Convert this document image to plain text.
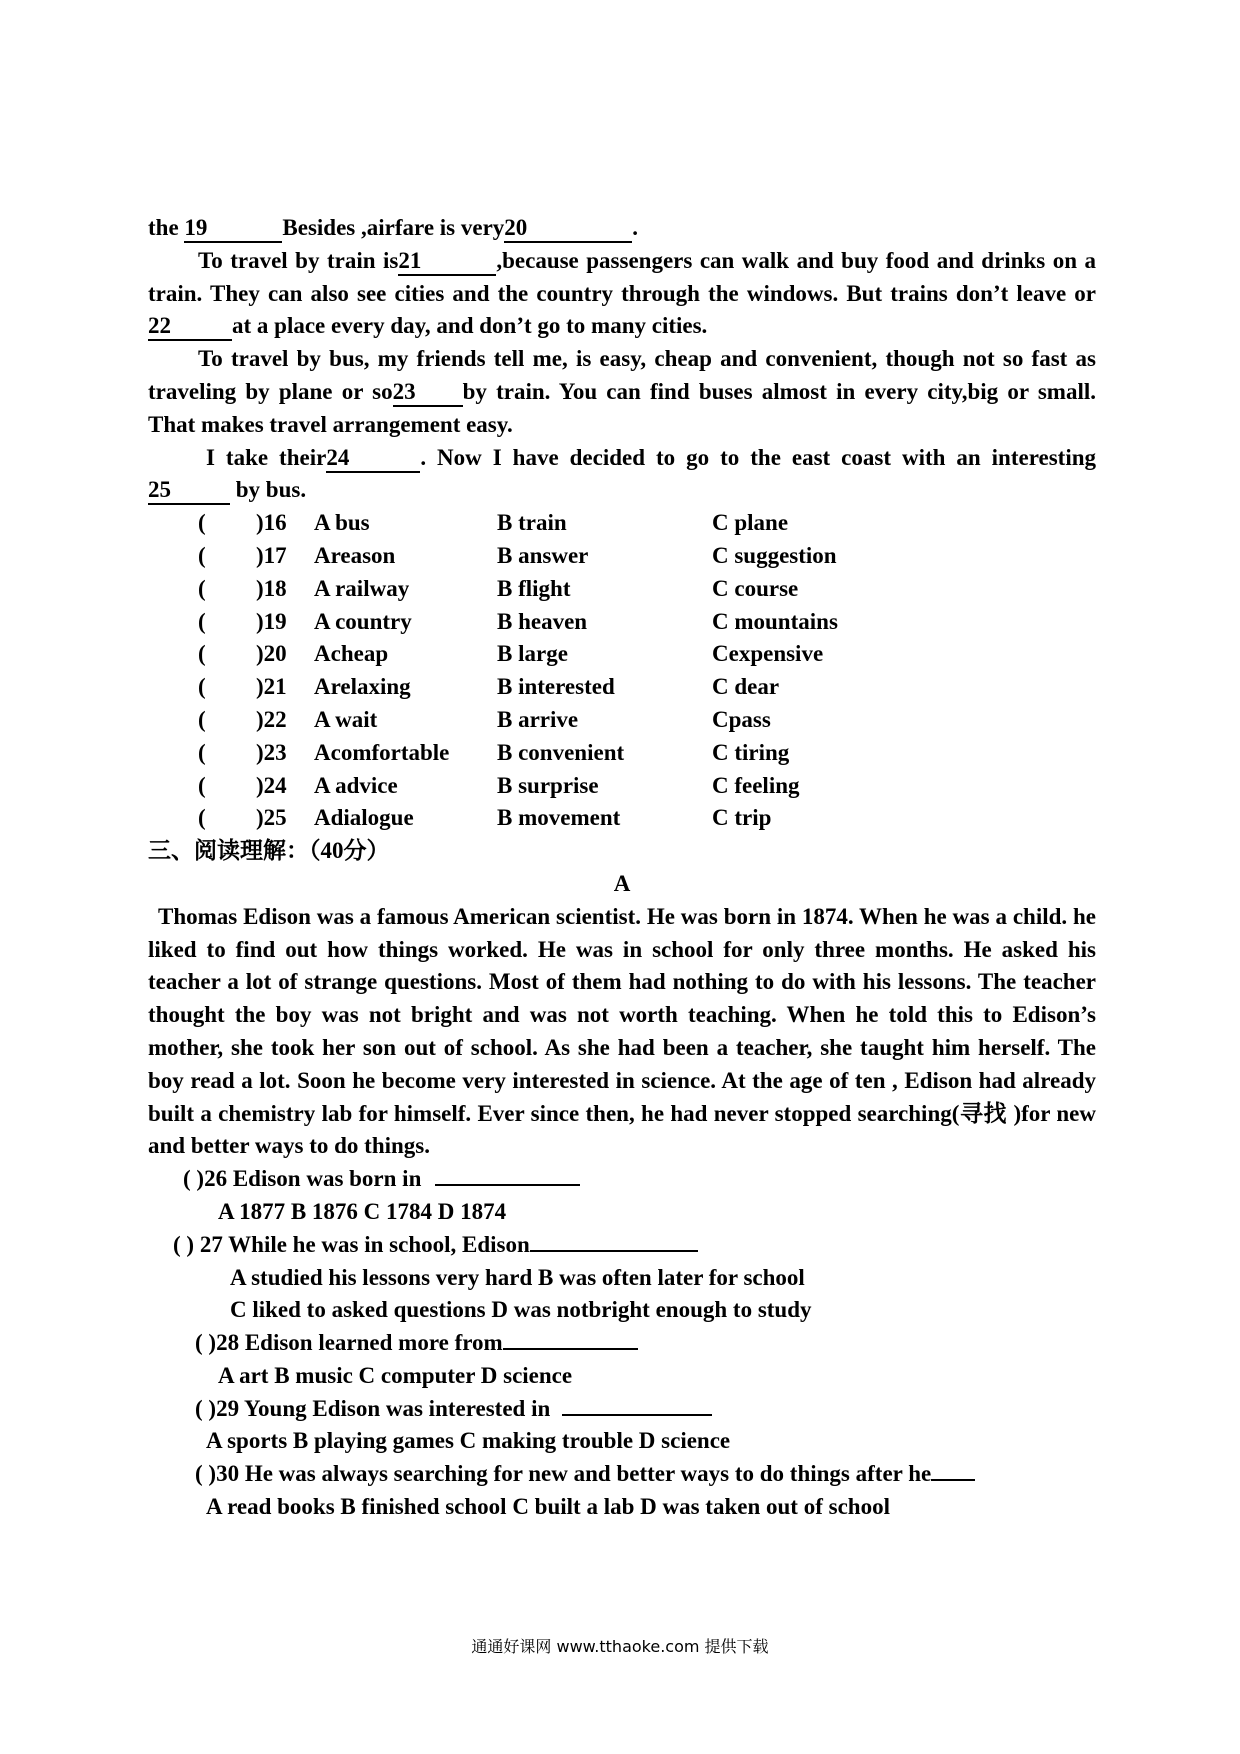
the 19	Besides ,airfare is very20	.

To travel by train is21	,because passengers can walk and buy food and drinks on a train. They can also see cities and the country through the windows. But trains don’t leave or22	at a place every day, and don’t go to many cities.

To travel by bus, my friends tell me, is easy, cheap and convenient, though not so fast as traveling by plane or so23 by train. You can find buses almost in every city,big or small. That makes travel arrangement easy.

I take their24	. Now I have decided to go to the east coast with an interesting25	by bus.

(	)16	A bus	B train	C plane
(	)17	Areason	B answer	C suggestion
(	)18	A railway	B flight	C course
(	)19	A country	B heaven	C mountains
(	)20	Acheap	B large	Cexpensive
(	)21	Arelaxing	B interested	C dear
(	)22	A wait	B arrive	Cpass
(	)23	Acomfortable	B convenient	C tiring
(	)24	A advice	B surprise	C feeling
(	)25	Adialogue	B movement	C trip

三、阅读理解：（40分）

A

Thomas Edison was a famous American scientist. He was born in 1874. When he was a child. he liked to find out how things worked. He was in school for only three months. He asked his teacher a lot of strange questions. Most of them had nothing to do with his lessons. The teacher thought the boy was not bright and was not worth teaching. When he told this to Edison’s mother, she took her son out of school. As she had been a teacher, she taught him herself. The boy read a lot. Soon he become very interested in science. At the age of ten , Edison had already built a chemistry lab for himself. Ever since then, he had never stopped searching(寻找 )for new and better ways to do things.

( )26 Edison was born in

A 1877 B 1876 C 1784 D 1874

( ) 27 While he was in school, Edison

A studied his lessons very hard B was often later for school

C liked to asked questions D was notbright enough to study

( )28 Edison learned more from

A art B music C computer D science

( )29 Young Edison was interested in

A sports B playing games C making trouble D science

( )30 He was always searching for new and better ways to do things after he

A read books B finished school C built a lab D was taken out of school

通通好课网 www.tthaoke.com 提供下载
